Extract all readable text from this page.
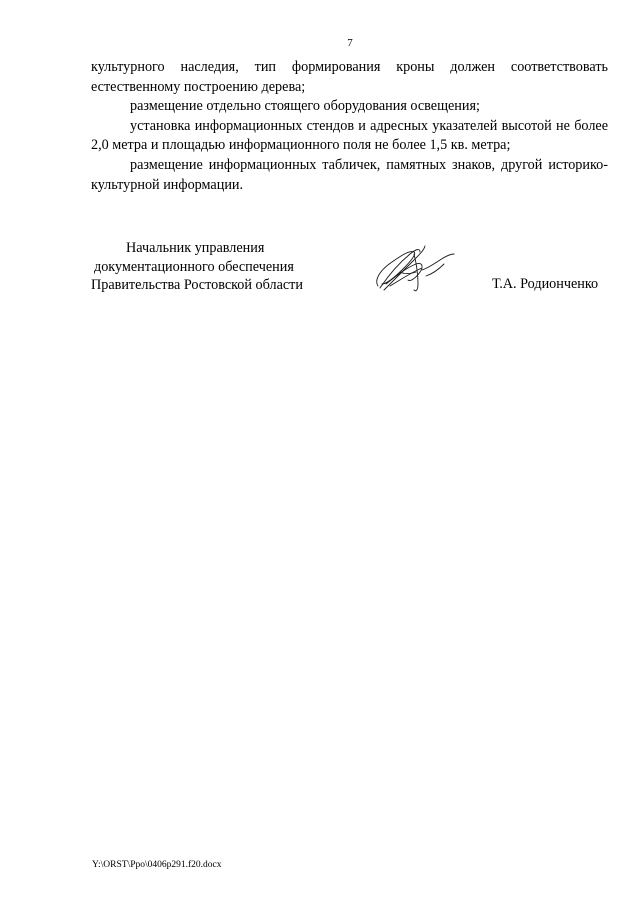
7

культурного наследия, тип формирования кроны должен соответствовать естественному построению дерева;

размещение отдельно стоящего оборудования освещения;

установка информационных стендов и адресных указателей высотой не более 2,0 метра и площадью информационного поля не более 1,5 кв. метра;

размещение информационных табличек, памятных знаков, другой историко-культурной информации.

Начальник управления
документационного обеспечения
Правительства Ростовской области	Т.А. Родионченко
Y:\ORST\Ppo\0406p291.f20.docx
